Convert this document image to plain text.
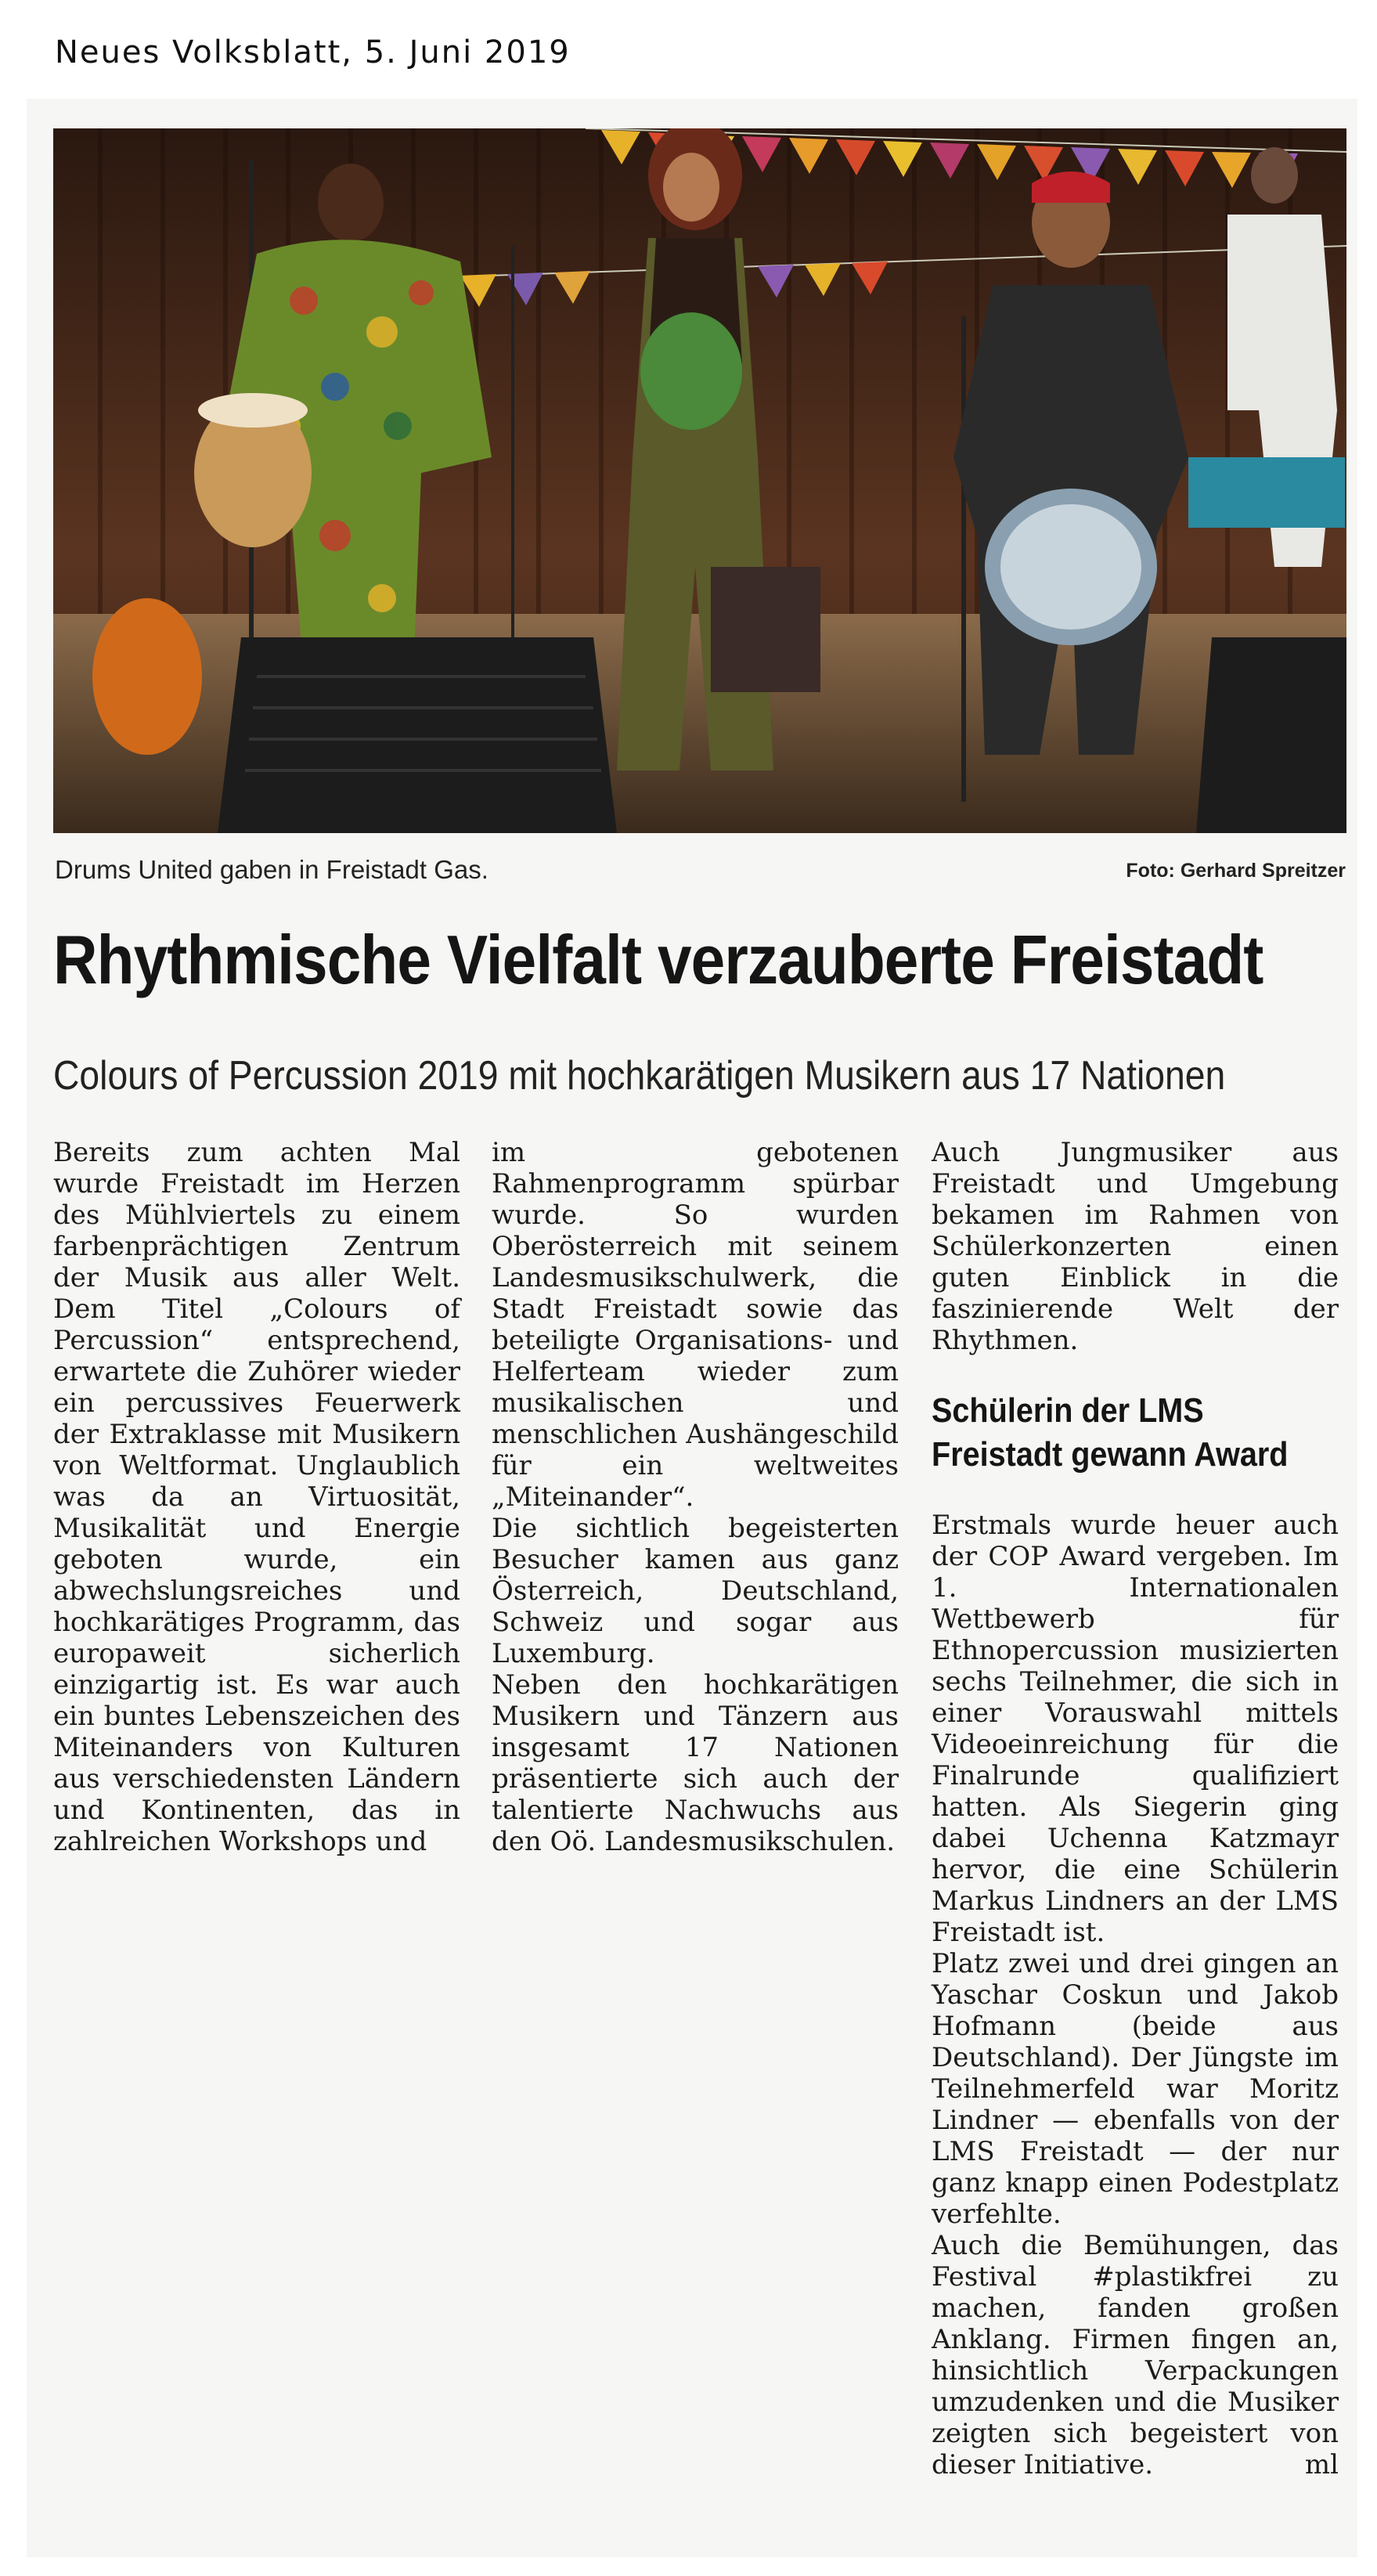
Neues Volksblatt, 5. Juni 2019
Drums United gaben in Freistadt Gas.	Foto: Gerhard Spreitzer
Rhythmische Vielfalt verzauberte Freistadt
Colours of Percussion 2019 mit hochkarätigen Musikern aus 17 Nationen

Bereits zum achten Mal wurde Freistadt im Herzen des Mühlviertels zu einem farbenprächtigen Zentrum der Musik aus aller Welt. Dem Titel „Colours of Percussion“ entsprechend, erwartete die Zuhörer wieder ein percussives Feuerwerk der Extraklasse mit Musikern von Weltformat. Unglaublich was da an Virtuosität, Musikalität und Energie geboten wurde, ein abwechslungsreiches und hochkarätiges Programm, das europaweit sicherlich einzigartig ist. Es war auch ein buntes Lebenszeichen des Miteinanders von Kulturen aus verschiedensten Ländern und Kontinenten, das in zahlreichen Workshops und

im gebotenen Rahmenprogramm spürbar wurde. So wurden Oberösterreich mit seinem Landesmusikschulwerk, die Stadt Freistadt sowie das beteiligte Organisations- und Helferteam wieder zum musikalischen und menschlichen Aushängeschild für ein weltweites „Miteinander“.

Die sichtlich begeisterten Besucher kamen aus ganz Österreich, Deutschland, Schweiz und sogar aus Luxemburg.

Neben den hochkarätigen Musikern und Tänzern aus insgesamt 17 Nationen präsentierte sich auch der talentierte Nachwuchs aus den Oö. Landesmusikschulen.

Auch Jungmusiker aus Freistadt und Umgebung bekamen im Rahmen von Schülerkonzerten einen guten Einblick in die faszinierende Welt der Rhythmen.

Schülerin der LMS
Freistadt gewann Award

Erstmals wurde heuer auch der COP Award vergeben. Im 1. Internationalen Wettbewerb für Ethnopercussion musizierten sechs Teilnehmer, die sich in einer Vorauswahl mittels Videoeinreichung für die Finalrunde qualifiziert hatten. Als Siegerin ging dabei Uchenna Katzmayr hervor, die eine Schülerin Markus Lindners an der LMS Freistadt ist.

Platz zwei und drei gingen an Yaschar Coskun und Jakob Hofmann (beide aus Deutschland). Der Jüngste im Teilnehmerfeld war Moritz Lindner — ebenfalls von der LMS Freistadt — der nur ganz knapp einen Podestplatz verfehlte.

Auch die Bemühungen, das Festival #plastikfrei zu machen, fanden großen Anklang. Firmen fingen an, hinsichtlich Verpackungen umzudenken und die Musiker zeigten sich begeistert von dieser Initiative.	ml
